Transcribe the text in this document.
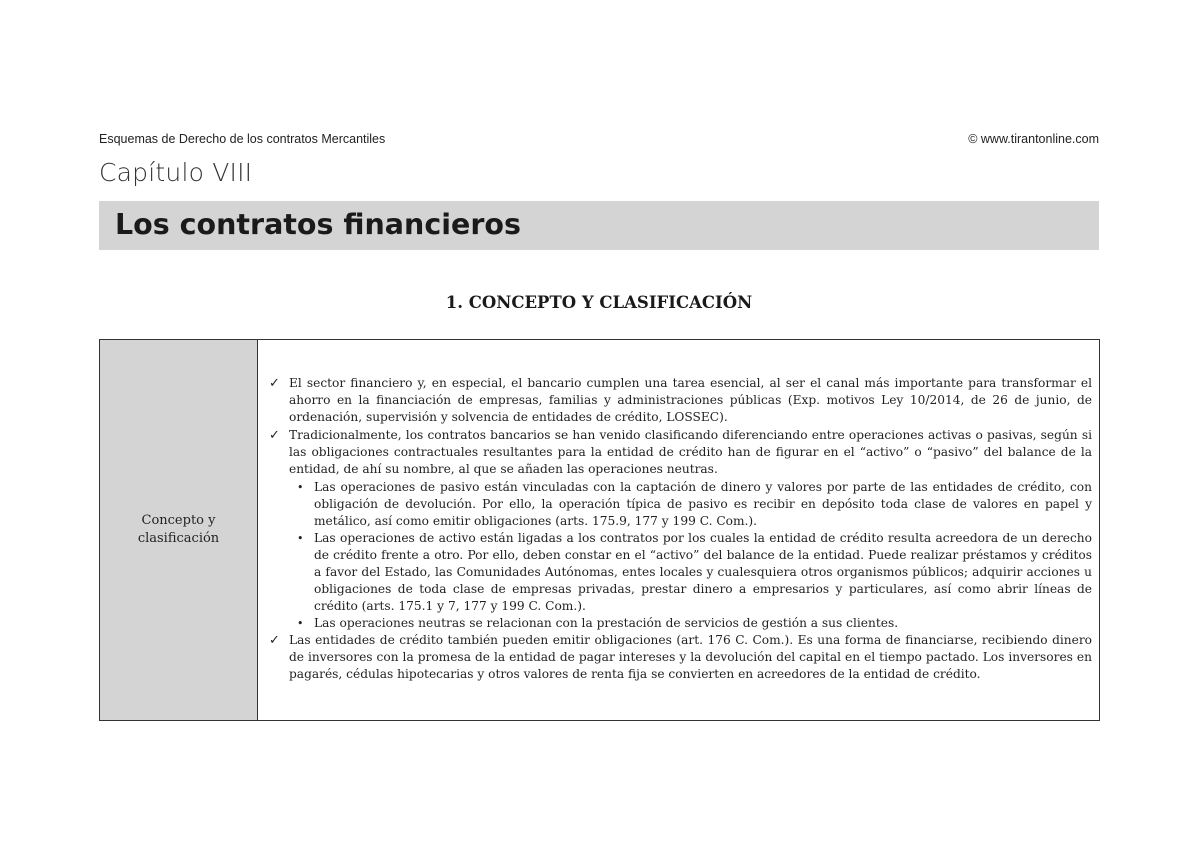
Esquemas de Derecho de los contratos Mercantiles	© www.tirantonline.com
Capítulo VIII
Los contratos financieros
1. CONCEPTO Y CLASIFICACIÓN
Concepto y clasificación	
✓ El sector financiero y, en especial, el bancario cumplen una tarea esencial, al ser el canal más importante para transformar el ahorro en la financiación de empresas, familias y administraciones públicas (Exp. motivos Ley 10/2014, de 26 de junio, de ordenación, supervisión y solvencia de entidades de crédito, LOSSEC).
✓ Tradicionalmente, los contratos bancarios se han venido clasificando diferenciando entre operaciones activas o pasivas, según si las obligaciones contractuales resultantes para la entidad de crédito han de figurar en el “activo” o “pasivo” del balance de la entidad, de ahí su nombre, al que se añaden las operaciones neutras.
• Las operaciones de pasivo están vinculadas con la captación de dinero y valores por parte de las entidades de crédito, con obligación de devolución. Por ello, la operación típica de pasivo es recibir en depósito toda clase de valores en papel y metálico, así como emitir obligaciones (arts. 175.9, 177 y 199 C. Com.).
• Las operaciones de activo están ligadas a los contratos por los cuales la entidad de crédito resulta acreedora de un derecho de crédito frente a otro. Por ello, deben constar en el “activo” del balance de la entidad. Puede realizar préstamos y créditos a favor del Estado, las Comunidades Autónomas, entes locales y cualesquiera otros organismos públicos; adquirir acciones u obligaciones de toda clase de empresas privadas, prestar dinero a empresarios y particulares, así como abrir líneas de crédito (arts. 175.1 y 7, 177 y 199 C. Com.).
• Las operaciones neutras se relacionan con la prestación de servicios de gestión a sus clientes.
✓ Las entidades de crédito también pueden emitir obligaciones (art. 176 C. Com.). Es una forma de financiarse, recibiendo dinero de inversores con la promesa de la entidad de pagar intereses y la devolución del capital en el tiempo pactado. Los inversores en pagarés, cédulas hipotecarias y otros valores de renta fija se convierten en acreedores de la entidad de crédito.
